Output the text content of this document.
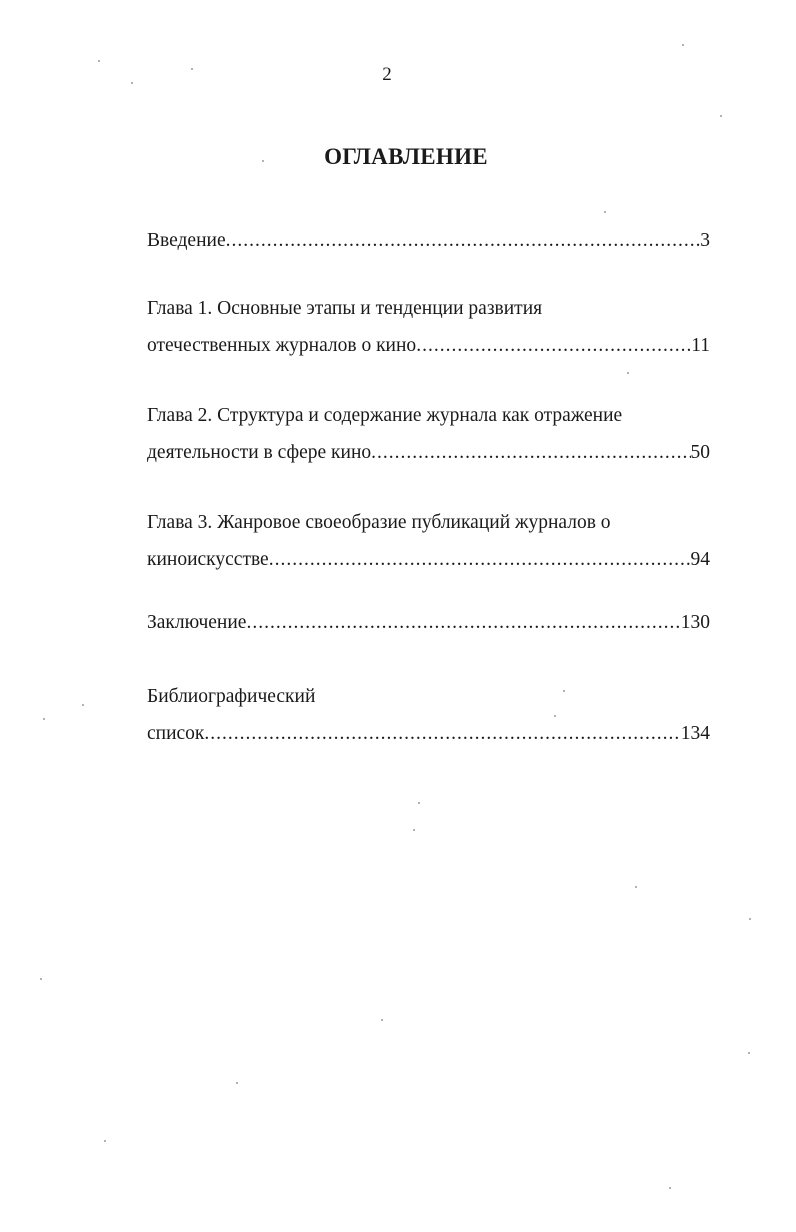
2
ОГЛАВЛЕНИЕ
Введение .....	3
Глава 1. Основные этапы и тенденции развития
отечественных журналов о кино .....	11
Глава 2. Структура и содержание журнала как отражение
деятельности в сфере кино .....	50
Глава 3. Жанровое своеобразие публикаций журналов о
киноискусстве .....	94
Заключение .....	130
Библиографический
список .....	134
